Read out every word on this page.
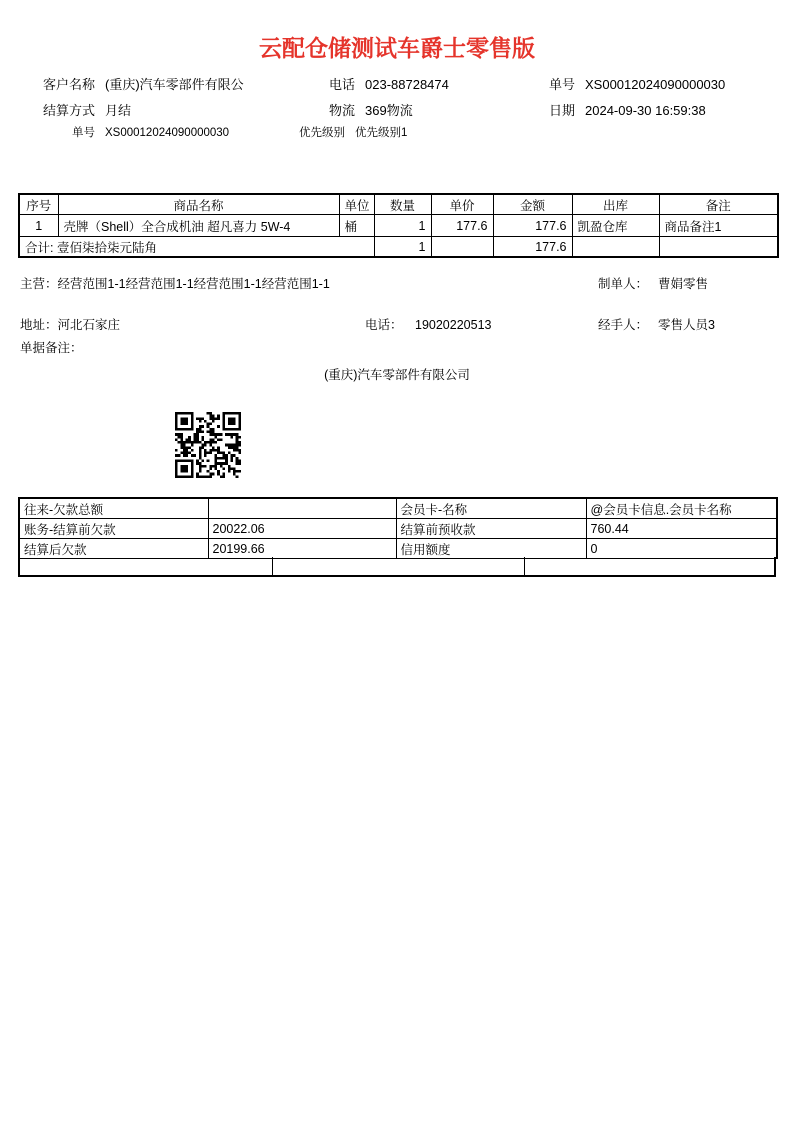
云配仓储测试车爵士零售版
客户名称 (重庆)汽车零部件有限公	电话 023-88728474	单号 XS00012024090000030
结算方式 月结	物流 369物流	日期 2024-09-30 16:59:38
单号 XS00012024090000030	优先级别 优先级别1
序号	商品名称	单位	数量	单价	金额	出库	备注
1	壳牌（Shell）全合成机油 超凡喜力 5W-4	桶	1	177.6	177.6	凯盈仓库	商品备注1
合计: 壹佰柒拾柒元陆角			1		177.6		
主营：经营范围1-1经营范围1-1经营范围1-1经营范围1-1	制单人： 曹娟零售
地址：河北石家庄	电话： 19020220513	经手人： 零售人员3
单据备注：
(重庆)汽车零部件有限公司
往来-欠款总额		会员卡-名称	@会员卡信息.会员卡名称
账务-结算前欠款	20022.06	结算前预收款	760.44
结算后欠款	20199.66	信用额度	0
